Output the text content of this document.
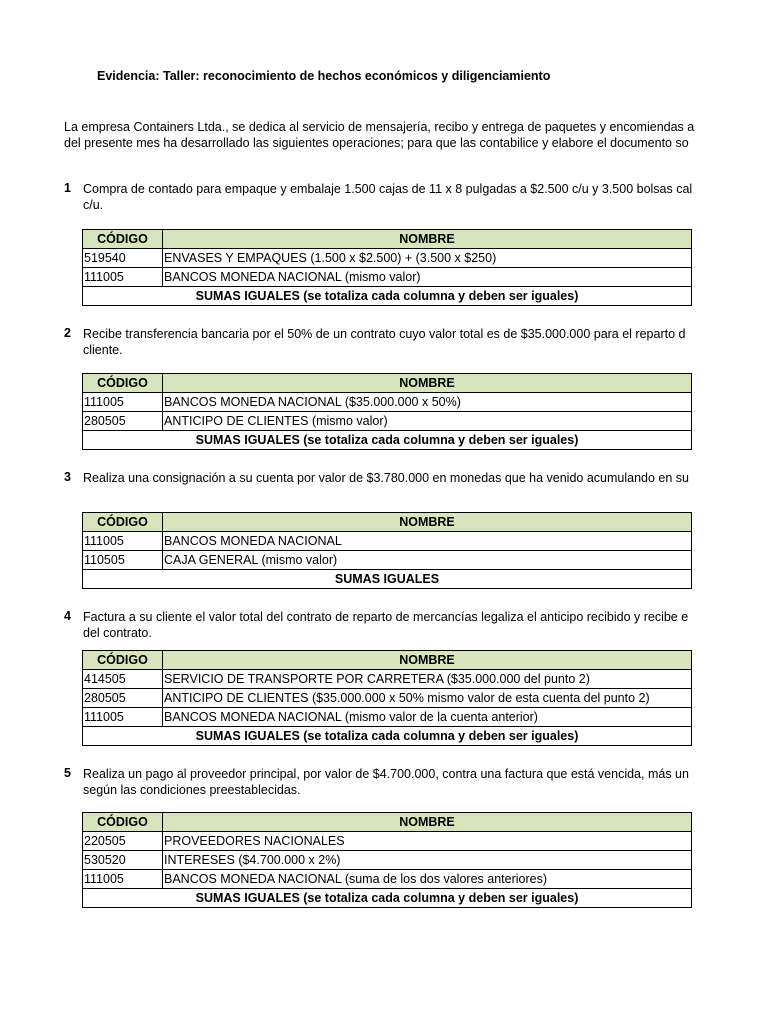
Evidencia: Taller: reconocimiento de hechos económicos y diligenciamiento
La empresa Containers Ltda., se dedica al servicio de mensajería, recibo y entrega de paquetes y encomiendas a
del presente mes ha desarrollado las siguientes operaciones; para que las contabilice y elabore el documento so
1 Compra de contado para empaque y embalaje 1.500 cajas de 11 x 8 pulgadas a $2.500 c/u y 3.500 bolsas cal
c/u.
CÓDIGO	NOMBRE
519540	ENVASES Y EMPAQUES (1.500 x $2.500) + (3.500 x $250)
111005	BANCOS MONEDA NACIONAL (mismo valor)
SUMAS IGUALES (se totaliza cada columna y deben ser iguales)	
2 Recibe transferencia bancaria por el 50% de un contrato cuyo valor total es de $35.000.000 para el reparto d
cliente.
CÓDIGO	NOMBRE
111005	BANCOS MONEDA NACIONAL ($35.000.000 x 50%)
280505	ANTICIPO DE CLIENTES (mismo valor)
SUMAS IGUALES (se totaliza cada columna y deben ser iguales)	
3 Realiza una consignación a su cuenta por valor de $3.780.000 en monedas que ha venido acumulando en su
CÓDIGO	NOMBRE
111005	BANCOS MONEDA NACIONAL
110505	CAJA GENERAL (mismo valor)
SUMAS IGUALES	
4 Factura a su cliente el valor total del contrato de reparto de mercancías legaliza el anticipo recibido y recibe e
del contrato.
CÓDIGO	NOMBRE
414505	SERVICIO DE TRANSPORTE POR CARRETERA ($35.000.000 del punto 2)
280505	ANTICIPO DE CLIENTES ($35.000.000 x 50% mismo valor de esta cuenta del punto 2)
111005	BANCOS MONEDA NACIONAL (mismo valor de la cuenta anterior)
SUMAS IGUALES (se totaliza cada columna y deben ser iguales)	
5 Realiza un pago al proveedor principal, por valor de $4.700.000, contra una factura que está vencida, más un
según las condiciones preestablecidas.
CÓDIGO	NOMBRE
220505	PROVEEDORES NACIONALES
530520	INTERESES ($4.700.000 x 2%)
111005	BANCOS MONEDA NACIONAL (suma de los dos valores anteriores)
SUMAS IGUALES (se totaliza cada columna y deben ser iguales)	
